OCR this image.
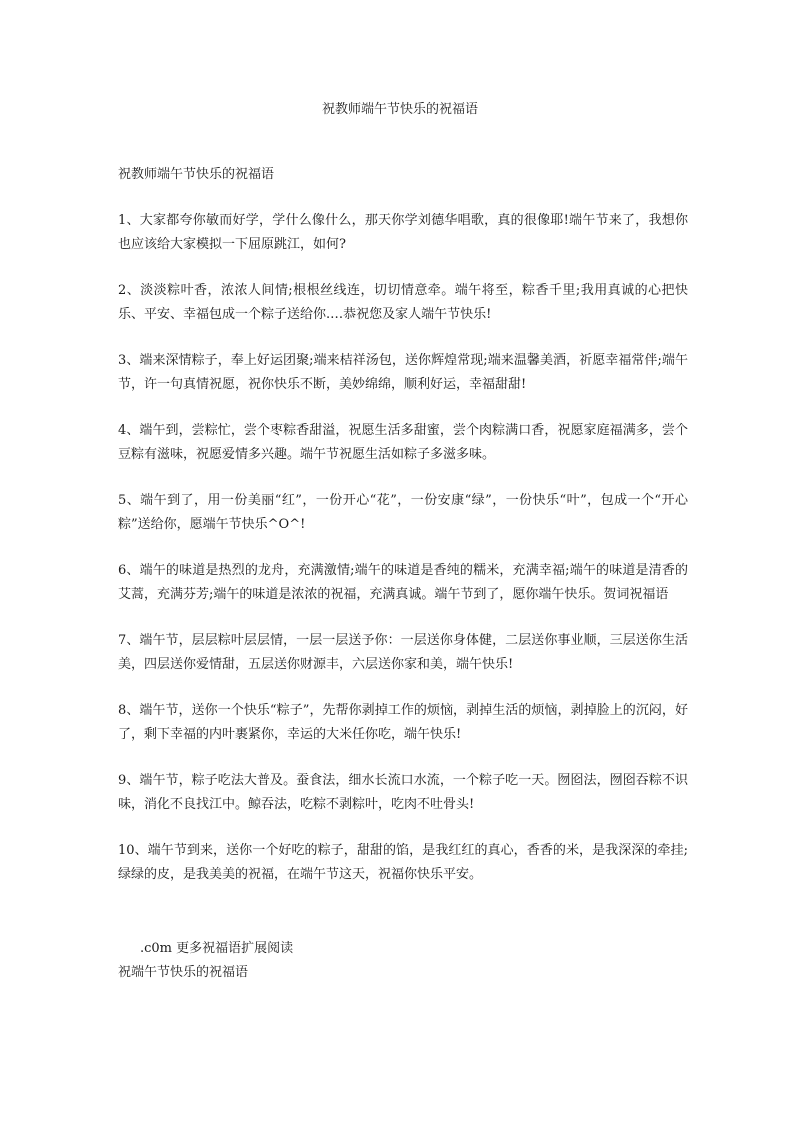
祝教师端午节快乐的祝福语

祝教师端午节快乐的祝福语

1、大家都夸你敏而好学，学什么像什么，那天你学刘德华唱歌，真的很像耶!端午节来了，我想你也应该给大家模拟一下屈原跳江，如何?

2、淡淡粽叶香，浓浓人间情;根根丝线连，切切情意牵。端午将至，粽香千里;我用真诚的心把快乐、平安、幸福包成一个粽子送给你.…恭祝您及家人端午节快乐!

3、端来深情粽子，奉上好运团聚;端来桔祥汤包，送你辉煌常现;端来温馨美酒，祈愿幸福常伴;端午节，许一句真情祝愿，祝你快乐不断，美妙绵绵，顺利好运，幸福甜甜!

4、端午到，尝粽忙，尝个枣粽香甜溢，祝愿生活多甜蜜，尝个肉粽满口香，祝愿家庭福满多，尝个豆粽有滋味，祝愿爱情多兴趣。端午节祝愿生活如粽子多滋多味。

5、端午到了，用一份美丽“红”，一份开心“花”，一份安康“绿”，一份快乐“叶”，包成一个“开心粽”送给你，愿端午节快乐^O^!

6、端午的味道是热烈的龙舟，充满激情;端午的味道是香纯的糯米，充满幸福;端午的味道是清香的艾蒿，充满芬芳;端午的味道是浓浓的祝福，充满真诚。端午节到了，愿你端午快乐。贺词祝福语

7、端午节，层层粽叶层层情，一层一层送予你：一层送你身体健，二层送你事业顺，三层送你生活美，四层送你爱情甜，五层送你财源丰，六层送你家和美，端午快乐!

8、端午节，送你一个快乐“粽子”，先帮你剥掉工作的烦恼，剥掉生活的烦恼，剥掉脸上的沉闷，好了，剩下幸福的内叶裹紧你，幸运的大米任你吃，端午快乐!

9、端午节，粽子吃法大普及。蚕食法，细水长流口水流，一个粽子吃一天。囫囵法，囫囵吞粽不识味，消化不良找江中。鲸吞法，吃粽不剥粽叶，吃肉不吐骨头!

10、端午节到来，送你一个好吃的粽子，甜甜的馅，是我红红的真心，香香的米，是我深深的牵挂;绿绿的皮，是我美美的祝福，在端午节这天，祝福你快乐平安。

.c0m 更多祝福语扩展阅读

祝端午节快乐的祝福语
